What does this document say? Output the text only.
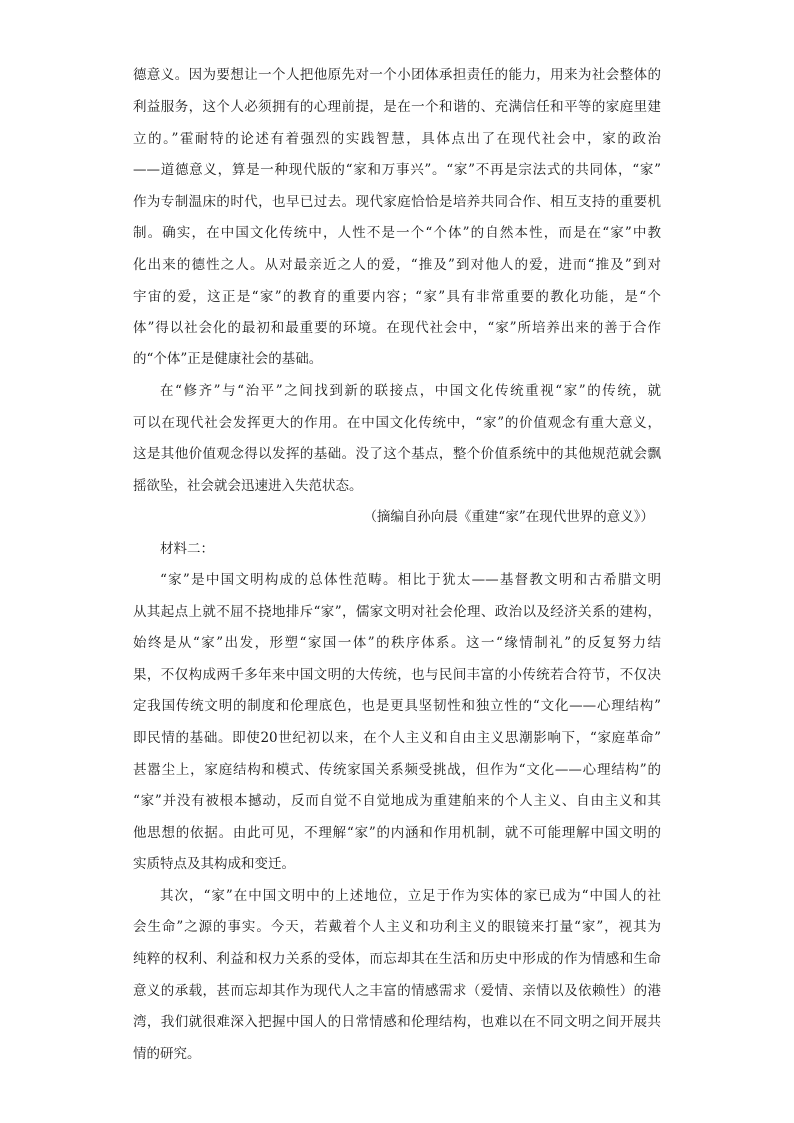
德意义。因为要想让一个人把他原先对一个小团体承担责任的能力，用来为社会整体的
利益服务，这个人必须拥有的心理前提，是在一个和谐的、充满信任和平等的家庭里建
立的。”霍耐特的论述有着强烈的实践智慧，具体点出了在现代社会中，家的政治
——道德意义，算是一种现代版的“家和万事兴”。“家”不再是宗法式的共同体，“家”
作为专制温床的时代，也早已过去。现代家庭恰恰是培养共同合作、相互支持的重要机
制。确实，在中国文化传统中，人性不是一个“个体”的自然本性，而是在“家”中教
化出来的德性之人。从对最亲近之人的爱，“推及”到对他人的爱，进而“推及”到对
宇宙的爱，这正是“家”的教育的重要内容；“家”具有非常重要的教化功能，是“个
体”得以社会化的最初和最重要的环境。在现代社会中，“家”所培养出来的善于合作
的“个体”正是健康社会的基础。
在“修齐”与“治平”之间找到新的联接点，中国文化传统重视“家”的传统，就
可以在现代社会发挥更大的作用。在中国文化传统中，“家”的价值观念有重大意义，
这是其他价值观念得以发挥的基础。没了这个基点，整个价值系统中的其他规范就会飘
摇欲坠，社会就会迅速进入失范状态。
（摘编自孙向晨《重建“家”在现代世界的意义》）
材料二：
“家”是中国文明构成的总体性范畴。相比于犹太——基督教文明和古希腊文明
从其起点上就不屈不挠地排斥“家”，儒家文明对社会伦理、政治以及经济关系的建构，
始终是从“家”出发，形塑“家国一体”的秩序体系。这一“缘情制礼”的反复努力结
果，不仅构成两千多年来中国文明的大传统，也与民间丰富的小传统若合符节，不仅决
定我国传统文明的制度和伦理底色，也是更具坚韧性和独立性的“文化——心理结构”
即民情的基础。即使20世纪初以来，在个人主义和自由主义思潮影响下，“家庭革命”
甚嚣尘上，家庭结构和模式、传统家国关系频受挑战，但作为“文化——心理结构”的
“家”并没有被根本撼动，反而自觉不自觉地成为重建舶来的个人主义、自由主义和其
他思想的依据。由此可见，不理解“家”的内涵和作用机制，就不可能理解中国文明的
实质特点及其构成和变迁。
其次，“家”在中国文明中的上述地位，立足于作为实体的家已成为“中国人的社
会生命”之源的事实。今天，若戴着个人主义和功利主义的眼镜来打量“家”，视其为
纯粹的权利、利益和权力关系的受体，而忘却其在生活和历史中形成的作为情感和生命
意义的承载，甚而忘却其作为现代人之丰富的情感需求（爱情、亲情以及依赖性）的港
湾，我们就很难深入把握中国人的日常情感和伦理结构，也难以在不同文明之间开展共
情的研究。
